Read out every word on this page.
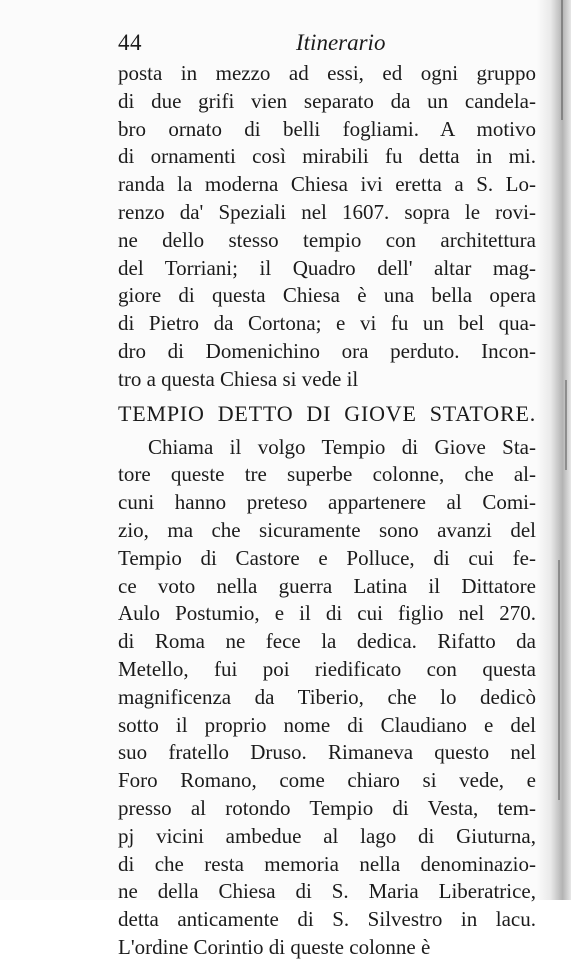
44	Itinerario
posta in mezzo ad essi, ed ogni gruppo
di due grifi vien separato da un candela-
bro ornato di belli fogliami. A motivo
di ornamenti così mirabili fu detta in mi.
randa la moderna Chiesa ivi eretta a S. Lo-
renzo da' Speziali nel 1607. sopra le rovi-
ne dello stesso tempio con architettura
del Torriani; il Quadro dell' altar mag-
giore di questa Chiesa è una bella opera
di Pietro da Cortona; e vi fu un bel qua-
dro di Domenichino ora perduto. Incon-
tro a questa Chiesa si vede il
TEMPIO DETTO DI GIOVE STATORE.
Chiama il volgo Tempio di Giove Sta-
tore queste tre superbe colonne, che al-
cuni hanno preteso appartenere al Comi-
zio, ma che sicuramente sono avanzi del
Tempio di Castore e Polluce, di cui fe-
ce voto nella guerra Latina il Dittatore
Aulo Postumio, e il di cui figlio nel 270.
di Roma ne fece la dedica. Rifatto da
Metello, fui poi riedificato con questa
magnificenza da Tiberio, che lo dedicò
sotto il proprio nome di Claudiano e del
suo fratello Druso. Rimaneva questo nel
Foro Romano, come chiaro si vede, e
presso al rotondo Tempio di Vesta, tem-
pj vicini ambedue al lago di Giuturna,
di che resta memoria nella denominazio-
ne della Chiesa di S. Maria Liberatrice,
detta anticamente di S. Silvestro in lacu.
L'ordine Corintio di queste colonne è
